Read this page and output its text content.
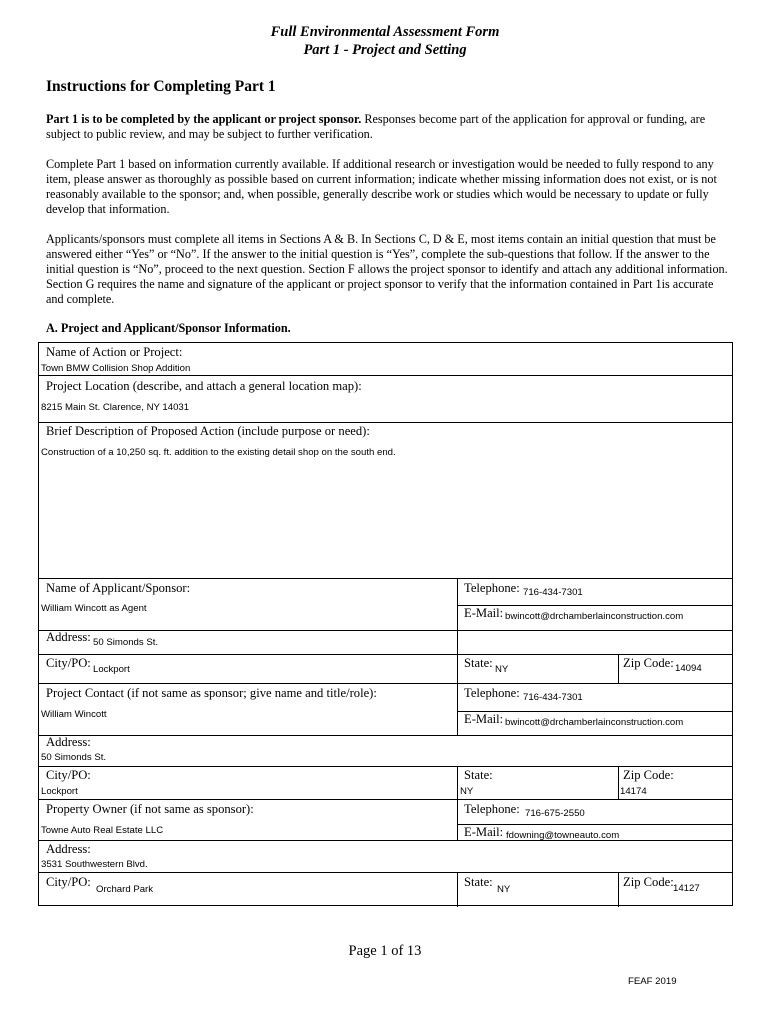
Full Environmental Assessment Form
Part 1 - Project and Setting
Instructions for Completing Part 1
Part 1 is to be completed by the applicant or project sponsor. Responses become part of the application for approval or funding, are subject to public review, and may be subject to further verification.
Complete Part 1 based on information currently available. If additional research or investigation would be needed to fully respond to any item, please answer as thoroughly as possible based on current information; indicate whether missing information does not exist, or is not reasonably available to the sponsor; and, when possible, generally describe work or studies which would be necessary to update or fully develop that information.
Applicants/sponsors must complete all items in Sections A & B. In Sections C, D & E, most items contain an initial question that must be answered either “Yes” or “No”. If the answer to the initial question is “Yes”, complete the sub-questions that follow. If the answer to the initial question is “No”, proceed to the next question. Section F allows the project sponsor to identify and attach any additional information. Section G requires the name and signature of the applicant or project sponsor to verify that the information contained in Part 1is accurate and complete.
A. Project and Applicant/Sponsor Information.
Name of Action or Project:
Town BMW Collision Shop Addition
Project Location (describe, and attach a general location map):
8215 Main St. Clarence, NY 14031
Brief Description of Proposed Action (include purpose or need):
Construction of a 10,250 sq. ft. addition to the existing detail shop on the south end.
Name of Applicant/Sponsor:
William Wincott as Agent
Telephone: 716-434-7301
E-Mail: bwincott@drchamberlainconstruction.com
Address: 50 Simonds St.
City/PO: Lockport	State: NY	Zip Code: 14094
Project Contact (if not same as sponsor; give name and title/role):
William Wincott
Telephone: 716-434-7301
E-Mail: bwincott@drchamberlainconstruction.com
Address:
50 Simonds St.
City/PO:
Lockport
State:
NY
Zip Code:
14174
Property Owner (if not same as sponsor):
Towne Auto Real Estate LLC
Telephone: 716-675-2550
E-Mail: fdowning@towneauto.com
Address:
3531 Southwestern Blvd.
City/PO:
Orchard Park
State:
NY
Zip Code: 14127
Page 1 of 13
FEAF 2019
